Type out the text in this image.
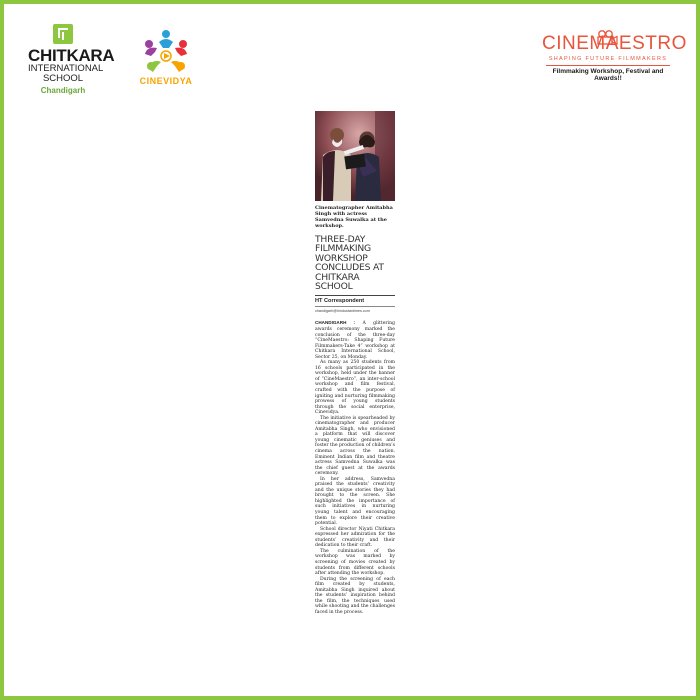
CHITKARA
INTERNATIONAL
SCHOOL
Chandigarh
CINEVIDYA
CINEMAESTRO
SHAPING FUTURE FILMMAKERS
Filmmaking Workshop, Festival and Awards!!
Cinematographer Amitabha Singh with actress Samvedna Suwalka at the workshop.
THREE-DAY FILMMAKING WORKSHOP CONCLUDES AT CHITKARA SCHOOL
HT Correspondent
chandigarh@hindustantimes.com

CHANDIGARH : A glittering awards ceremony marked the conclusion of the three-day “CineMaestro: Shaping Future Filmmakers-Take 4” workshop at Chitkara International School, Sector 25, on Monday.

As many as 250 students from 16 schools participated in the workshop, held under the banner of “CineMaestro”, an inter-school workshop and film festival, crafted with the purpose of igniting and nurturing filmmaking prowess of young students through the social enterprise, Cinevidya.

The initiative is spearheaded by cinematographer and producer Amitabha Singh, who envisioned a platform that will discover young cinematic geniuses and foster the production of children’s cinema across the nation. Eminent Indian film and theatre actress Samvedna Suwalka was the chief guest at the awards ceremony.

In her address, Samvedna praised the students’ creativity and the unique stories they had brought to the screen. She highlighted the importance of such initiatives in nurturing young talent and encouraging them to explore their creative potential.

School director Niyati Chitkara expressed her admiration for the students’ creativity and their dedication to their craft.

The culmination of the workshop was marked by screening of movies created by students from different schools after attending the workshop.

During the screening of each film created by students, Amitabha Singh inquired about the students’ inspiration behind the film, the techniques used while shooting and the challenges faced in the process.
